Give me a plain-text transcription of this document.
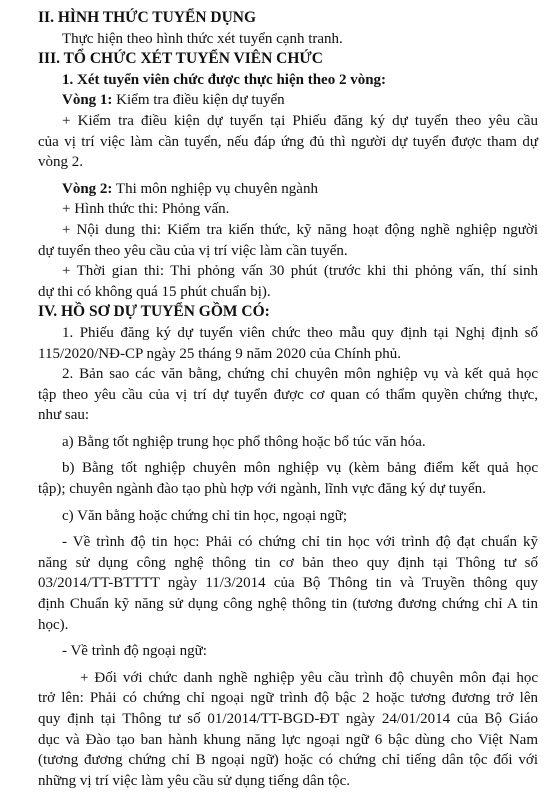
II. HÌNH THỨC TUYỂN DỤNG

Thực hiện theo hình thức xét tuyển cạnh tranh.

III. TỔ CHỨC XÉT TUYỂN VIÊN CHỨC

1. Xét tuyển viên chức được thực hiện theo 2 vòng:

Vòng 1: Kiểm tra điều kiện dự tuyển

+ Kiểm tra điều kiện dự tuyển tại Phiếu đăng ký dự tuyển theo yêu cầu

của vị trí việc làm cần tuyển, nếu đáp ứng đủ thì người dự tuyển được tham dự

vòng 2.

Vòng 2: Thi môn nghiệp vụ chuyên ngành

+ Hình thức thi: Phỏng vấn.

+ Nội dung thi: Kiểm tra kiến thức, kỹ năng hoạt động nghề nghiệp người

dự tuyển theo yêu cầu của vị trí việc làm cần tuyển.

+ Thời gian thi: Thi phỏng vấn 30 phút (trước khi thi phỏng vấn, thí sinh

dự thi có không quá 15 phút chuẩn bị).

IV. HỒ SƠ DỰ TUYỂN GỒM CÓ:

1. Phiếu đăng ký dự tuyển viên chức theo mẫu quy định tại Nghị định số

115/2020/NĐ-CP ngày 25 tháng 9 năm 2020 của Chính phủ.

2. Bản sao các văn bằng, chứng chỉ chuyên môn nghiệp vụ và kết quả học

tập theo yêu cầu của vị trí dự tuyển được cơ quan có thẩm quyền chứng thực,

như sau:

a) Bằng tốt nghiệp trung học phổ thông hoặc bổ túc văn hóa.

b) Bằng tốt nghiệp chuyên môn nghiệp vụ (kèm bảng điểm kết quả học

tập); chuyên ngành đào tạo phù hợp với ngành, lĩnh vực đăng ký dự tuyển.

c) Văn bằng hoặc chứng chỉ tin học, ngoại ngữ;

- Về trình độ tin học: Phải có chứng chỉ tin học với trình độ đạt chuẩn kỹ

năng sử dụng công nghệ thông tin cơ bản theo quy định tại Thông tư số

03/2014/TT-BTTTT ngày 11/3/2014 của Bộ Thông tin và Truyền thông quy

định Chuẩn kỹ năng sử dụng công nghệ thông tin (tương đương chứng chỉ A tin

học).

- Về trình độ ngoại ngữ:

+ Đối với chức danh nghề nghiệp yêu cầu trình độ chuyên môn đại học

trở lên: Phải có chứng chỉ ngoại ngữ trình độ bậc 2 hoặc tương đương trở lên

quy định tại Thông tư số 01/2014/TT-BGD-ĐT ngày 24/01/2014 của Bộ Giáo

dục và Đào tạo ban hành khung năng lực ngoại ngữ 6 bậc dùng cho Việt Nam

(tương đương chứng chỉ B ngoại ngữ) hoặc có chứng chỉ tiếng dân tộc đối với

những vị trí việc làm yêu cầu sử dụng tiếng dân tộc.
